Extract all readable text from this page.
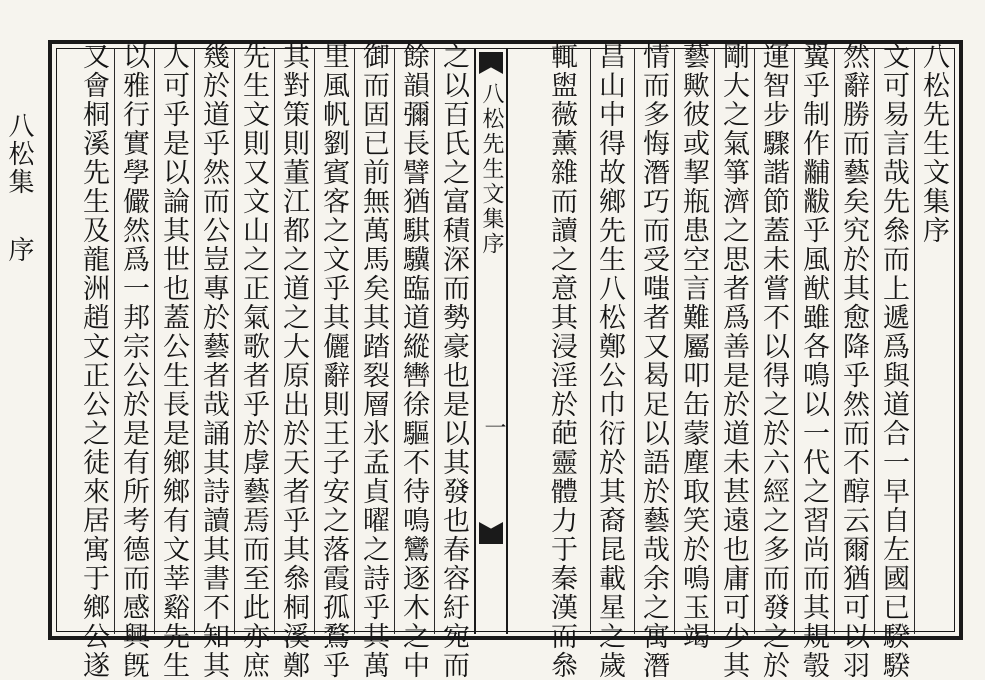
八松集
序
八松先生文集序
文可易言哉先叅而上遞爲與道合一早自左國已騤騤
然辭勝而藝矣究於其愈降乎然而不醇云爾猶可以羽
翼乎制作黼黻乎風猷雖各鳴以一代之習尚而其規彀
運智步驟諧節蓋未嘗不以得之於六經之多而發之於
剛大之氣箏濟之思者爲善是於道未甚遠也庸可少其
藝歟彼或挈瓶患空言難屬叩缶蒙塵取笑於鳴玉竭
情而多悔潛巧而受嗤者又曷足以語於藝哉余之寓潛
昌山中得故鄉先生八松鄭公巾衍於其裔昆載星之歲
輒盥薇薰雜而讀之意其浸淫於葩靈體力于秦漢而叅
八松先生文集序
一
之以百氏之富積深而勢豪也是以其發也春容紆宛而
餘韻彌長譬猶騏驥臨道縱轡徐驅不待鳴鸞逐木之中
御而固已前無萬馬矣其踏裂層氷孟貞曜之詩乎其萬
里風帆劉賓客之文乎其儷辭則王子安之落霞孤鶩乎
其對策則董江都之道之大原出於天者乎其叅桐溪鄭
先生文則又文山之正氣歌者乎於虖藝焉而至此亦庶
幾於道乎然而公豈專於藝者哉誦其詩讀其書不知其
人可乎是以論其世也蓋公生長是鄉鄉有文莘谿先生
以雅行實學儼然爲一邦宗公於是有所考德而感興旣
又會桐溪先生及龍洲趙文正公之徒來居寓于鄉公遂
